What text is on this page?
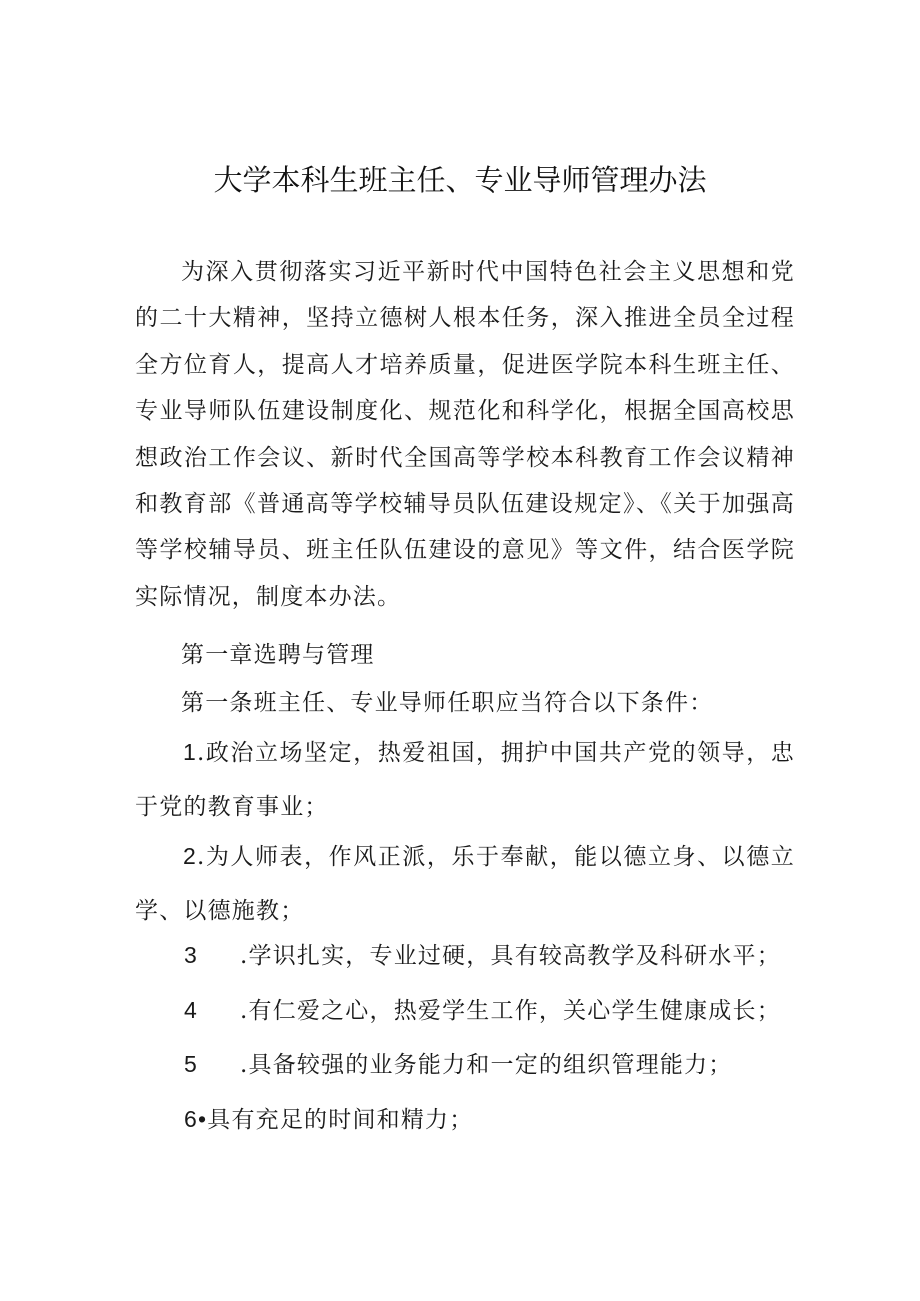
大学本科生班主任、专业导师管理办法

为深入贯彻落实习近平新时代中国特色社会主义思想和党的二十大精神，坚持立德树人根本任务，深入推进全员全过程全方位育人，提高人才培养质量，促进医学院本科生班主任、专业导师队伍建设制度化、规范化和科学化，根据全国高校思想政治工作会议、新时代全国高等学校本科教育工作会议精神和教育部《普通高等学校辅导员队伍建设规定》、《关于加强高等学校辅导员、班主任队伍建设的意见》等文件，结合医学院实际情况，制度本办法。

第一章选聘与管理
第一条班主任、专业导师任职应当符合以下条件：

1.政治立场坚定，热爱祖国，拥护中国共产党的领导，忠于党的教育事业；

2.为人师表，作风正派，乐于奉献，能以德立身、以德立学、以德施教；

3 .学识扎实，专业过硬，具有较高教学及科研水平；
4 .有仁爱之心，热爱学生工作，关心学生健康成长；
5 .具备较强的业务能力和一定的组织管理能力；
6•具有充足的时间和精力；
